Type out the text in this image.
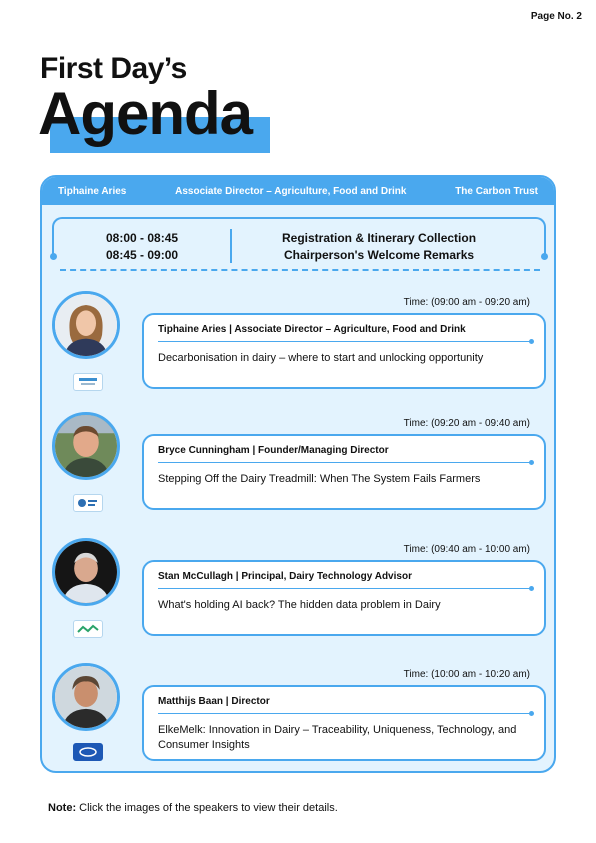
Page No. 2
First Day’s
Agenda
Tiphaine Aries	Associate Director – Agriculture, Food and Drink	The Carbon Trust
08:00 - 08:45
08:45 - 09:00
Registration & Itinerary Collection
Chairperson's Welcome Remarks
Time: (09:00 am - 09:20 am)
Tiphaine Aries | Associate Director – Agriculture, Food and Drink
Decarbonisation in dairy – where to start and unlocking opportunity
Time: (09:20 am - 09:40 am)
Bryce Cunningham | Founder/Managing Director
Stepping Off the Dairy Treadmill: When The System Fails Farmers
Time: (09:40 am - 10:00 am)
Stan McCullagh | Principal, Dairy Technology Advisor
What's holding AI back? The hidden data problem in Dairy
Time: (10:00 am - 10:20 am)
Matthijs Baan | Director
ElkeMelk: Innovation in Dairy – Traceability, Uniqueness, Technology, and Consumer Insights
Note: Click the images of the speakers to view their details.
